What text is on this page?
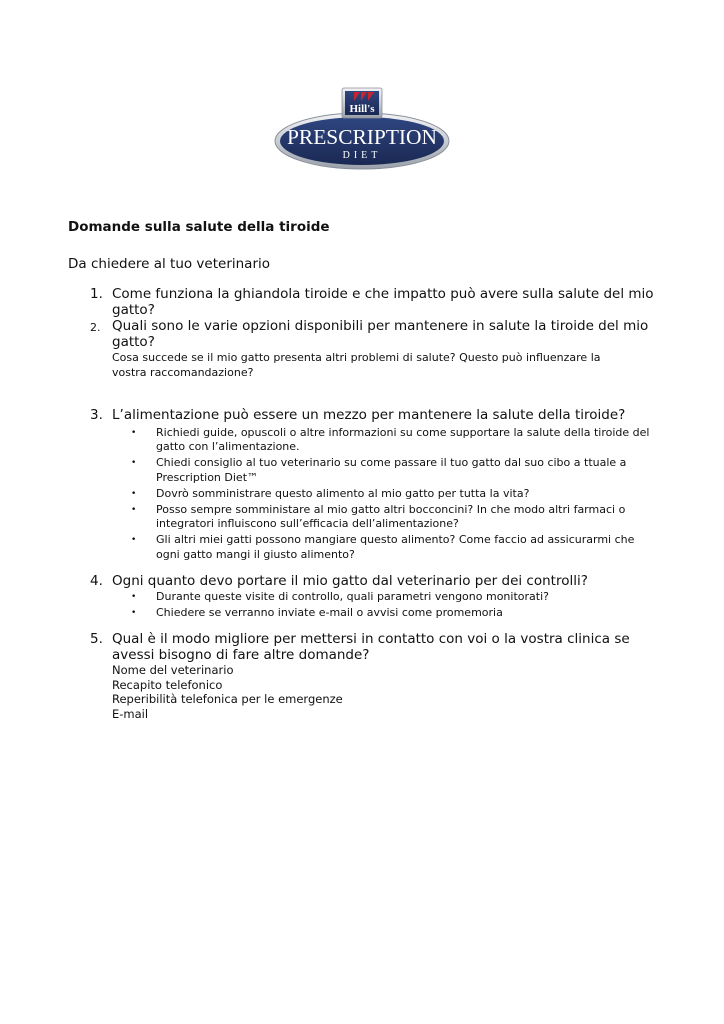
Hill's
PRESCRIPTION
DIET

Domande sulla salute della tiroide

Da chiedere al tuo veterinario

1. Come funziona la ghiandola tiroide e che impatto può avere sulla salute del mio gatto?
2. Quali sono le varie opzioni disponibili per mantenere in salute la tiroide del mio gatto?
Cosa succede se il mio gatto presenta altri problemi di salute? Questo può influenzare la vostra raccomandazione?
3. L’alimentazione può essere un mezzo per mantenere la salute della tiroide?
• Richiedi guide, opuscoli o altre informazioni su come supportare la salute della tiroide del gatto con l’alimentazione.
• Chiedi consiglio al tuo veterinario su come passare il tuo gatto dal suo cibo a ttuale a Prescription Diet™
• Dovrò somministrare questo alimento al mio gatto per tutta la vita?
• Posso sempre somministare al mio gatto altri bocconcini? In che modo altri farmaci o integratori influiscono sull’efficacia dell’alimentazione?
• Gli altri miei gatti possono mangiare questo alimento? Come faccio ad assicurarmi che ogni gatto mangi il giusto alimento?
4. Ogni quanto devo portare il mio gatto dal veterinario per dei controlli?
• Durante queste visite di controllo, quali parametri vengono monitorati?
• Chiedere se verranno inviate e-mail o avvisi come promemoria
5. Qual è il modo migliore per mettersi in contatto con voi o la vostra clinica se avessi bisogno di fare altre domande?
Nome del veterinario
Recapito telefonico
Reperibilità telefonica per le emergenze
E-mail
